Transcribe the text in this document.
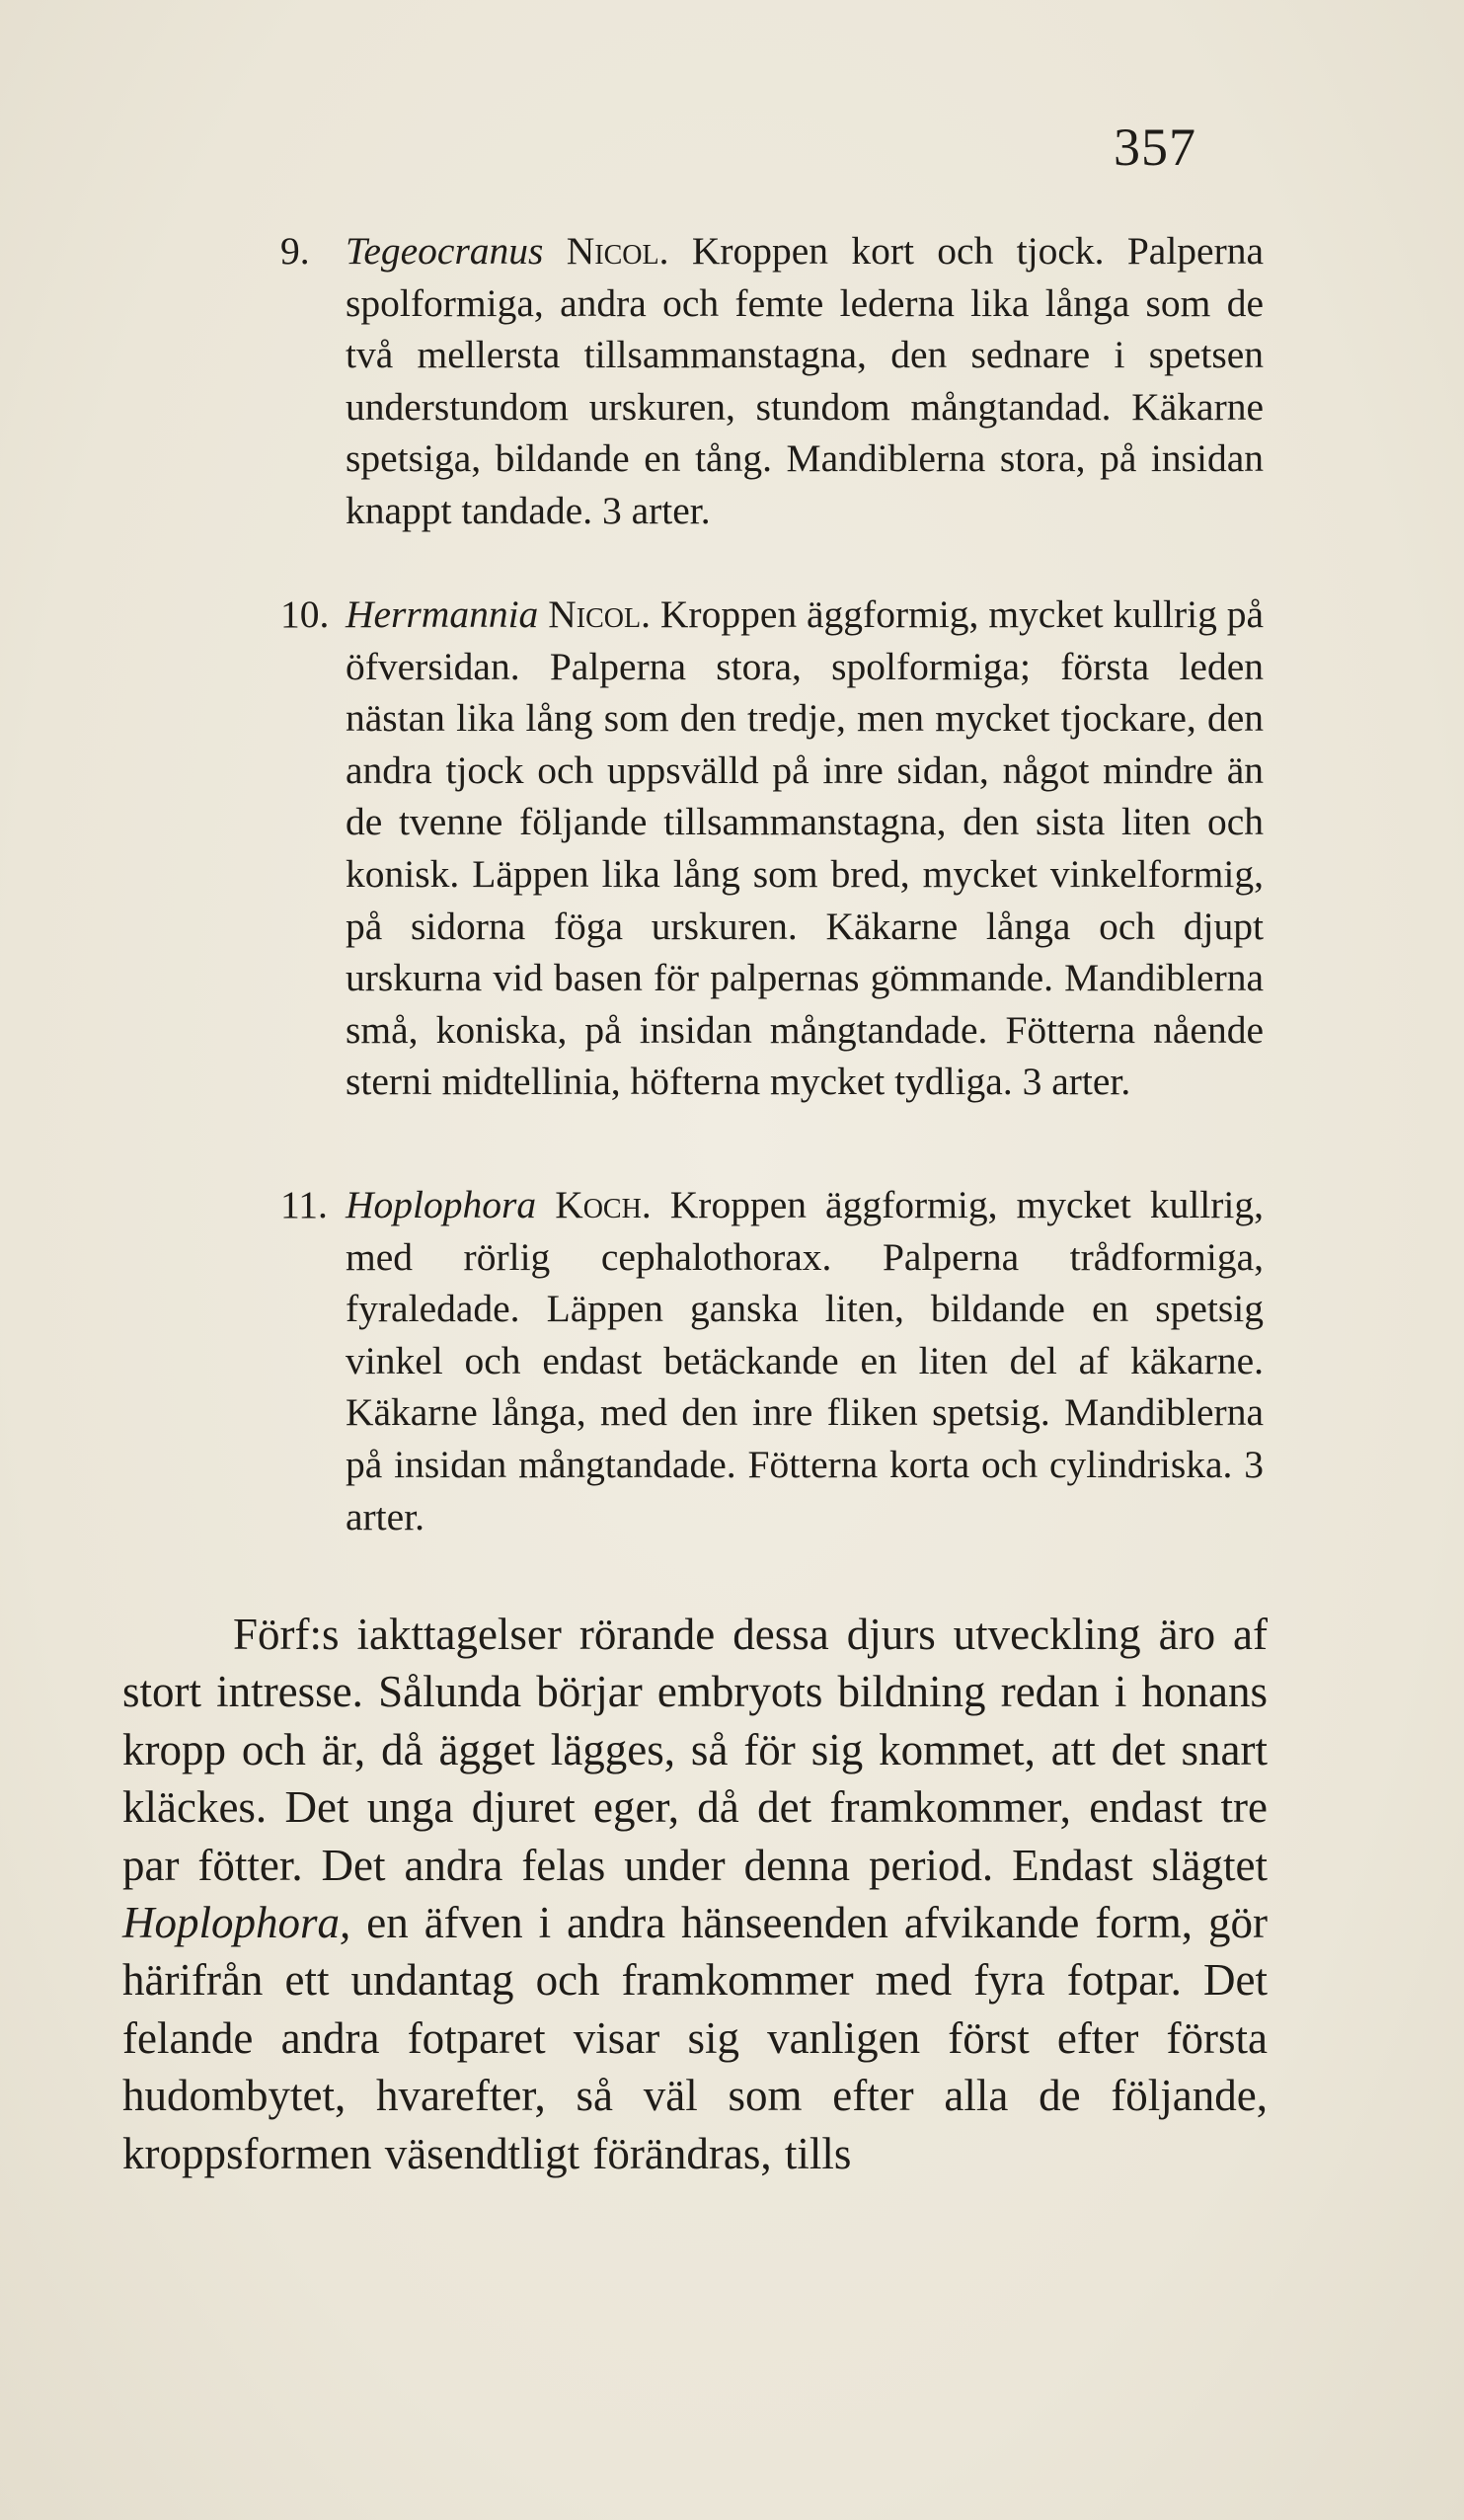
357

9. Tegeocranus Nicol. Kroppen kort och tjock. Palperna spolformiga, andra och femte lederna lika långa som de två mellersta tillsammanstagna, den sednare i spetsen understundom urskuren, stundom mångtandad. Käkarne spetsiga, bildande en tång. Mandiblerna stora, på insidan knappt tandade. 3 arter.

10. Herrmannia Nicol. Kroppen äggformig, mycket kullrig på öfversidan. Palperna stora, spolformiga; första leden nästan lika lång som den tredje, men mycket tjockare, den andra tjock och uppsvälld på inre sidan, något mindre än de tvenne följande tillsammanstagna, den sista liten och konisk. Läppen lika lång som bred, mycket vinkelformig, på sidorna föga urskuren. Käkarne långa och djupt urskurna vid basen för palpernas gömmande. Mandiblerna små, koniska, på insidan mångtandade. Fötterna nående sterni midtellinia, höfterna mycket tydliga. 3 arter.

11. Hoplophora Koch. Kroppen äggformig, mycket kullrig, med rörlig cephalothorax. Palperna trådformiga, fyraledade. Läppen ganska liten, bildande en spetsig vinkel och endast betäckande en liten del af käkarne. Käkarne långa, med den inre fliken spetsig. Mandiblerna på insidan mångtandade. Fötterna korta och cylindriska. 3 arter.

Förf:s iakttagelser rörande dessa djurs utveckling äro af stort intresse. Sålunda börjar embryots bildning redan i honans kropp och är, då ägget lägges, så för sig kommet, att det snart kläckes. Det unga djuret eger, då det framkommer, endast tre par fötter. Det andra felas under denna period. Endast slägtet Hoplophora, en äfven i andra hänseenden afvikande form, gör härifrån ett undantag och framkommer med fyra fotpar. Det felande andra fotparet visar sig vanligen först efter första hudombytet, hvarefter, så väl som efter alla de följande, kroppsformen väsendtligt förändras, tills
